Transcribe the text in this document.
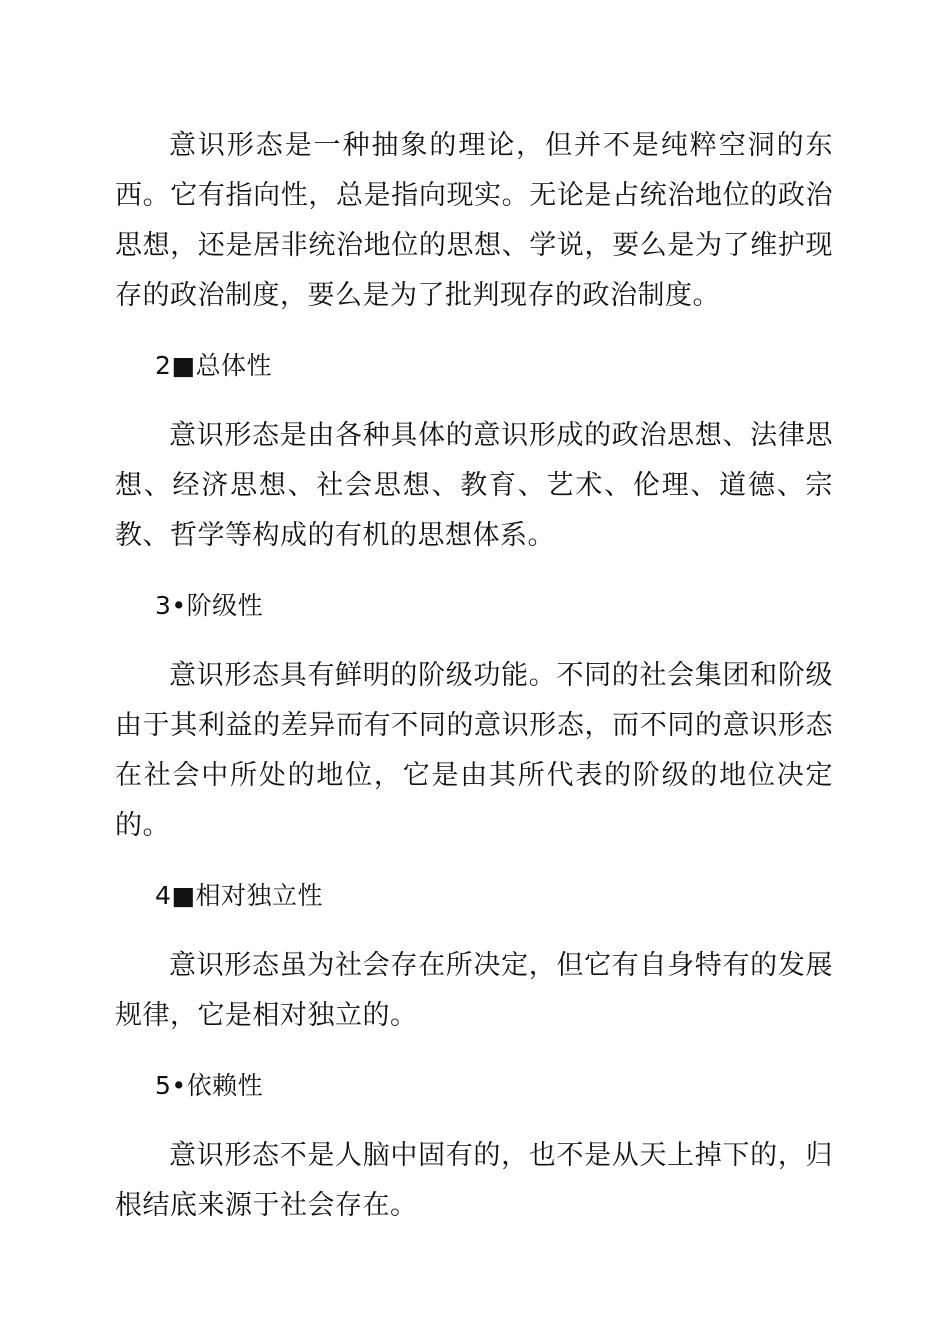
意识形态是一种抽象的理论，但并不是纯粹空洞的东西。它有指向性，总是指向现实。无论是占统治地位的政治思想，还是居非统治地位的思想、学说，要么是为了维护现存的政治制度，要么是为了批判现存的政治制度。

2■总体性

意识形态是由各种具体的意识形成的政治思想、法律思想、经济思想、社会思想、教育、艺术、伦理、道德、宗教、哲学等构成的有机的思想体系。

3•阶级性

意识形态具有鲜明的阶级功能。不同的社会集团和阶级由于其利益的差异而有不同的意识形态，而不同的意识形态在社会中所处的地位，它是由其所代表的阶级的地位决定的。

4■相对独立性

意识形态虽为社会存在所决定，但它有自身特有的发展规律，它是相对独立的。

5•依赖性

意识形态不是人脑中固有的，也不是从天上掉下的，归根结底来源于社会存在。
